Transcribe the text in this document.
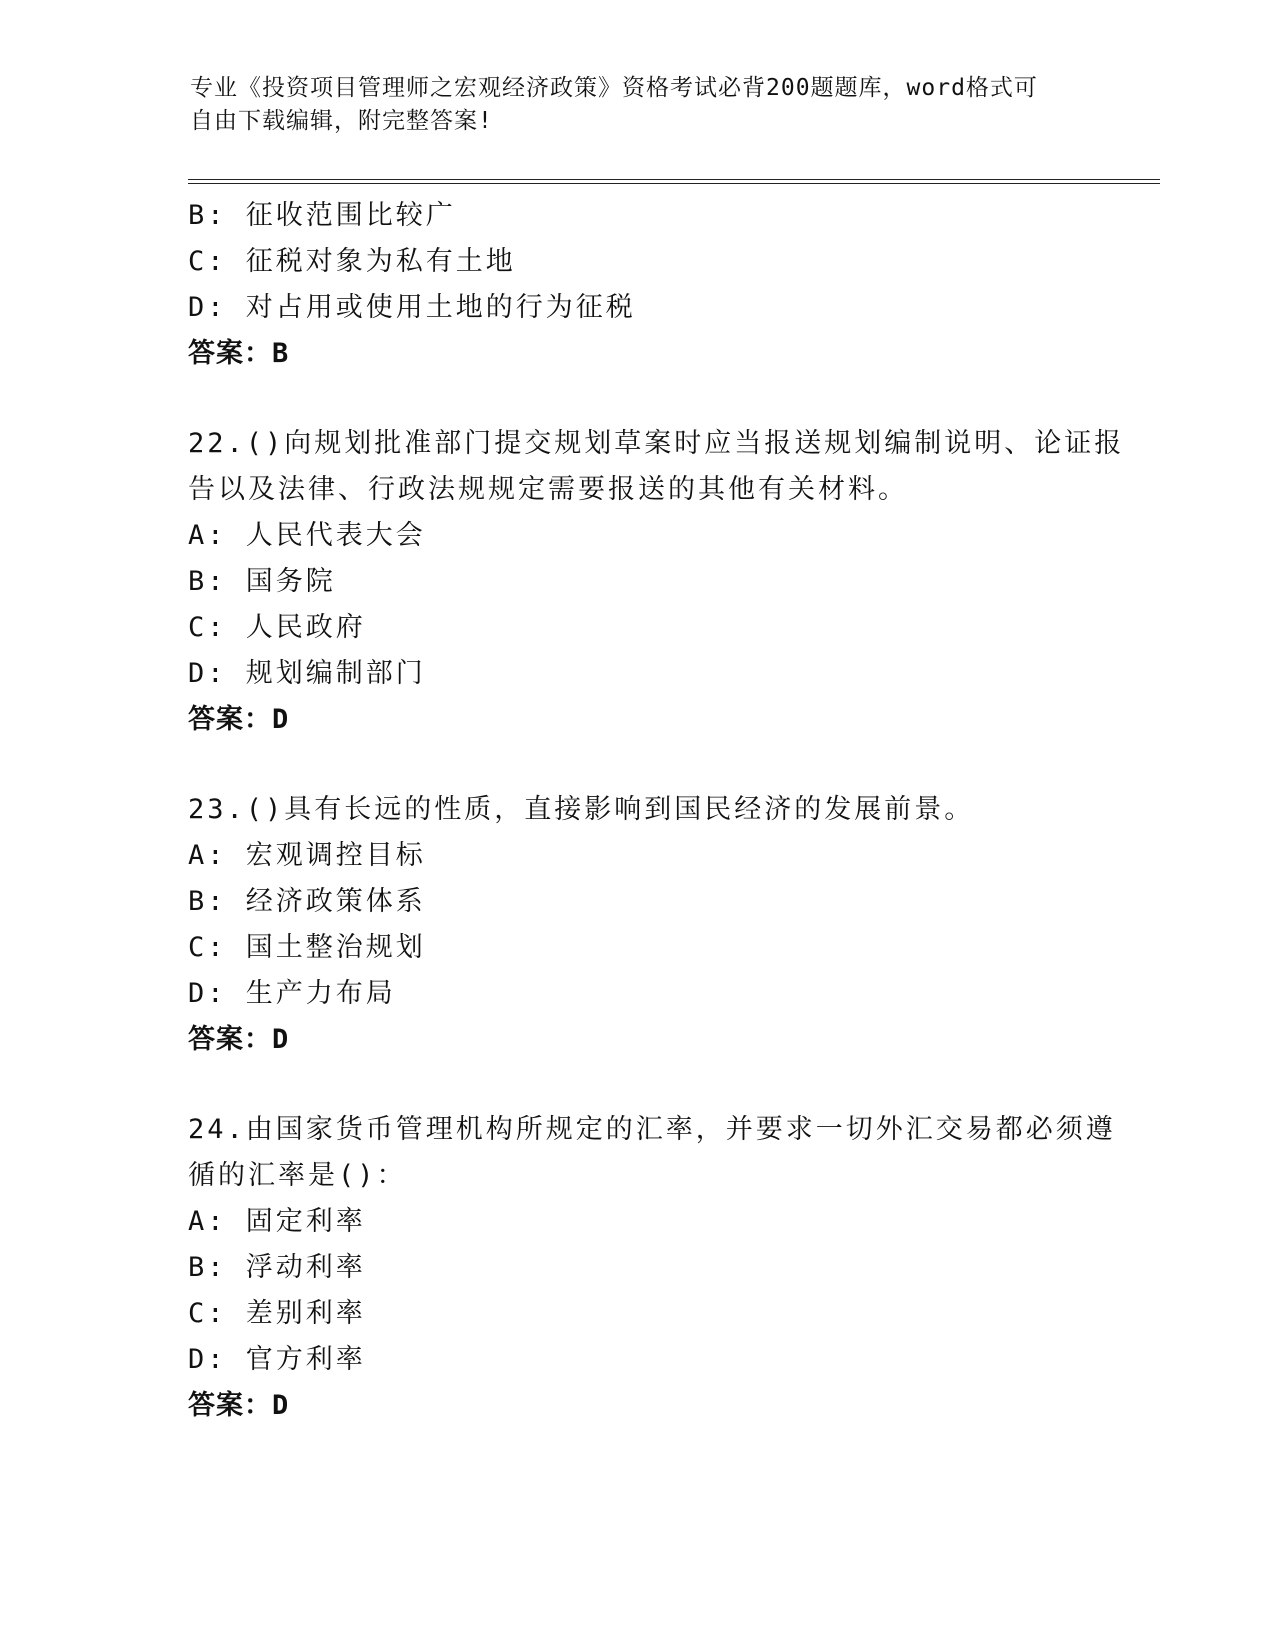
专业《投资项目管理师之宏观经济政策》资格考试必背200题题库，word格式可
自由下载编辑，附完整答案!
B: 征收范围比较广
C: 征税对象为私有土地
D: 对占用或使用土地的行为征税
答案：B
22.()向规划批准部门提交规划草案时应当报送规划编制说明、论证报
告以及法律、行政法规规定需要报送的其他有关材料。
A: 人民代表大会
B: 国务院
C: 人民政府
D: 规划编制部门
答案：D
23.()具有长远的性质，直接影响到国民经济的发展前景。
A: 宏观调控目标
B: 经济政策体系
C: 国土整治规划
D: 生产力布局
答案：D
24.由国家货币管理机构所规定的汇率，并要求一切外汇交易都必须遵
循的汇率是()：
A: 固定利率
B: 浮动利率
C: 差别利率
D: 官方利率
答案：D
